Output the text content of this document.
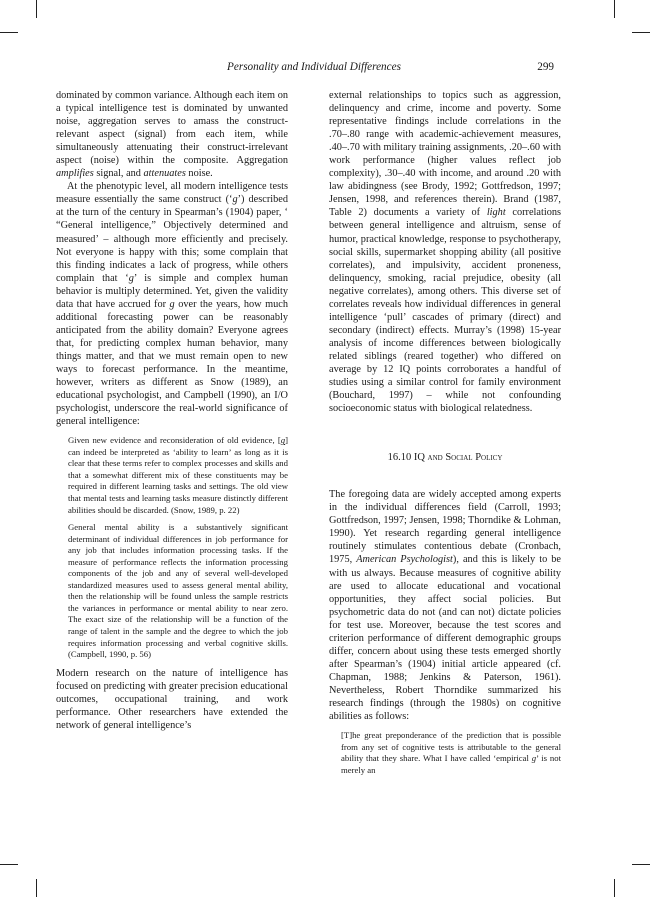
Personality and Individual Differences	299

dominated by common variance. Although each item on a typical intelligence test is dominated by unwanted noise, aggregation serves to amass the construct-relevant aspect (signal) from each item, while simultaneously attenuating their construct-irrelevant aspect (noise) within the composite. Aggregation amplifies signal, and attenuates noise.

At the phenotypic level, all modern intelligence tests measure essentially the same construct (‘g’) described at the turn of the century in Spearman’s (1904) paper, ‘ “General intelligence,” Objectively determined and measured’ – although more efficiently and precisely. Not everyone is happy with this; some complain that this finding indicates a lack of progress, while others complain that ‘g’ is simple and complex human behavior is multiply determined. Yet, given the validity data that have accrued for g over the years, how much additional forecasting power can be reasonably anticipated from the ability domain? Everyone agrees that, for predicting complex human behavior, many things matter, and that we must remain open to new ways to forecast performance. In the meantime, however, writers as different as Snow (1989), an educational psychologist, and Campbell (1990), an I/O psychologist, underscore the real-world significance of general intelligence:

Given new evidence and reconsideration of old evidence, [g] can indeed be interpreted as ‘ability to learn’ as long as it is clear that these terms refer to complex processes and skills and that a somewhat different mix of these constituents may be required in different learning tasks and settings. The old view that mental tests and learning tasks measure distinctly different abilities should be discarded. (Snow, 1989, p. 22)

General mental ability is a substantively significant determinant of individual differences in job performance for any job that includes information processing tasks. If the measure of performance reflects the information processing components of the job and any of several well-developed standardized measures used to assess general mental ability, then the relationship will be found unless the sample restricts the variances in performance or mental ability to near zero. The exact size of the relationship will be a function of the range of talent in the sample and the degree to which the job requires information processing and verbal cognitive skills. (Campbell, 1990, p. 56)

Modern research on the nature of intelligence has focused on predicting with greater precision educational outcomes, occupational training, and work performance. Other researchers have extended the network of general intelligence’s

external relationships to topics such as aggression, delinquency and crime, income and poverty. Some representative findings include correlations in the .70–.80 range with academic-achievement measures, .40–.70 with military training assignments, .20–.60 with work performance (higher values reflect job complexity), .30–.40 with income, and around .20 with law abidingness (see Brody, 1992; Gottfredson, 1997; Jensen, 1998, and references therein). Brand (1987, Table 2) documents a variety of light correlations between general intelligence and altruism, sense of humor, practical knowledge, response to psychotherapy, social skills, supermarket shopping ability (all positive correlates), and impulsivity, accident proneness, delinquency, smoking, racial prejudice, obesity (all negative correlates), among others. This diverse set of correlates reveals how individual differences in general intelligence ‘pull’ cascades of primary (direct) and secondary (indirect) effects. Murray’s (1998) 15-year analysis of income differences between biologically related siblings (reared together) who differed on average by 12 IQ points corroborates a handful of studies using a similar control for family environment (Bouchard, 1997) – while not confounding socioeconomic status with biological relatedness.

16.10 IQ and Social Policy

The foregoing data are widely accepted among experts in the individual differences field (Carroll, 1993; Gottfredson, 1997; Jensen, 1998; Thorndike & Lohman, 1990). Yet research regarding general intelligence routinely stimulates contentious debate (Cronbach, 1975, American Psychologist), and this is likely to be with us always. Because measures of cognitive ability are used to allocate educational and vocational opportunities, they affect social policies. But psychometric data do not (and can not) dictate policies for test use. Moreover, because the test scores and criterion performance of different demographic groups differ, concern about using these tests emerged shortly after Spearman’s (1904) initial article appeared (cf. Chapman, 1988; Jenkins & Paterson, 1961). Nevertheless, Robert Thorndike summarized his research findings (through the 1980s) on cognitive abilities as follows:

[T]he great preponderance of the prediction that is possible from any set of cognitive tests is attributable to the general ability that they share. What I have called ‘empirical g’ is not merely an
